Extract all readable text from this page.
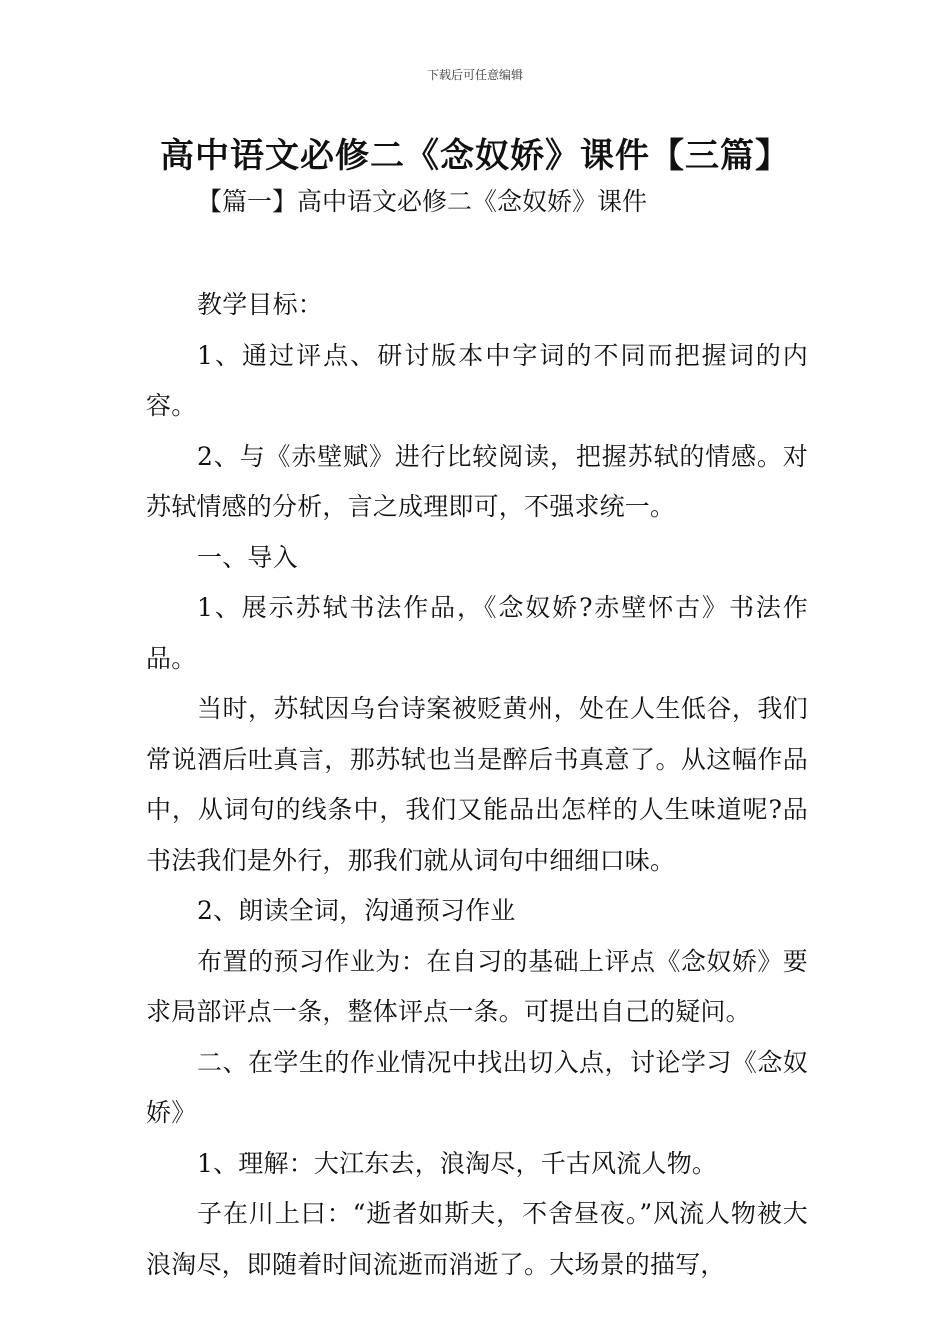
下载后可任意编辑
高中语文必修二《念奴娇》课件【三篇】
【篇一】高中语文必修二《念奴娇》课件

教学目标：

1、通过评点、研讨版本中字词的不同而把握词的内容。

2、与《赤壁赋》进行比较阅读，把握苏轼的情感。对苏轼情感的分析，言之成理即可，不强求统一。

一、导入

1、展示苏轼书法作品，《念奴娇?赤壁怀古》书法作品。

当时，苏轼因乌台诗案被贬黄州，处在人生低谷，我们常说酒后吐真言，那苏轼也当是醉后书真意了。从这幅作品中，从词句的线条中，我们又能品出怎样的人生味道呢?品书法我们是外行，那我们就从词句中细细口味。

2、朗读全词，沟通预习作业

布置的预习作业为：在自习的基础上评点《念奴娇》要求局部评点一条，整体评点一条。可提出自己的疑问。

二、在学生的作业情况中找出切入点，讨论学习《念奴娇》

1、理解：大江东去，浪淘尽，千古风流人物。

子在川上曰：“逝者如斯夫，不舍昼夜。”风流人物被大浪淘尽，即随着时间流逝而消逝了。大场景的描写，
